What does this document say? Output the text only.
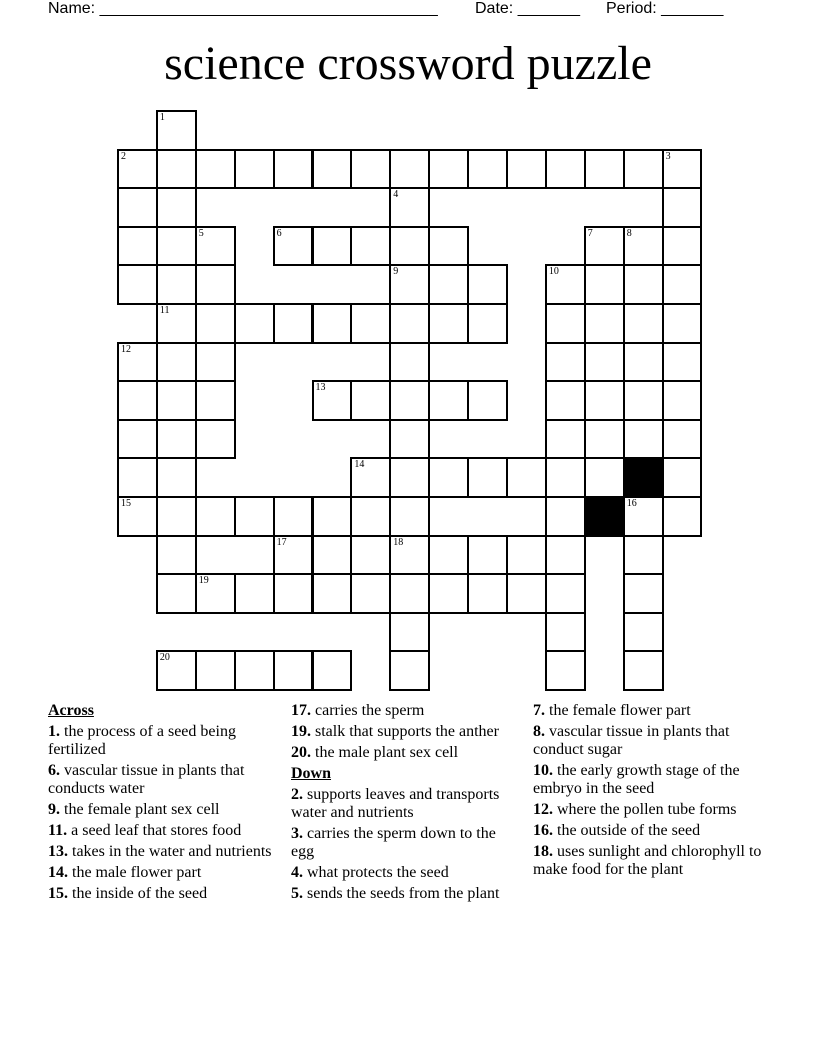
Name: ______________________________________ Date: _______ Period: _______
science crossword puzzle
1
2	3
4
5	6	7	8
9	10
11
12
13
14
15	16
17	18
19
20
Across
1. the process of a seed being fertilized
6. vascular tissue in plants that conducts water
9. the female plant sex cell
11. a seed leaf that stores food
13. takes in the water and nutrients
14. the male flower part
15. the inside of the seed
17. carries the sperm
19. stalk that supports the anther
20. the male plant sex cell
Down
2. supports leaves and transports water and nutrients
3. carries the sperm down to the egg
4. what protects the seed
5. sends the seeds from the plant
7. the female flower part
8. vascular tissue in plants that conduct sugar
10. the early growth stage of the embryo in the seed
12. where the pollen tube forms
16. the outside of the seed
18. uses sunlight and chlorophyll to make food for the plant
